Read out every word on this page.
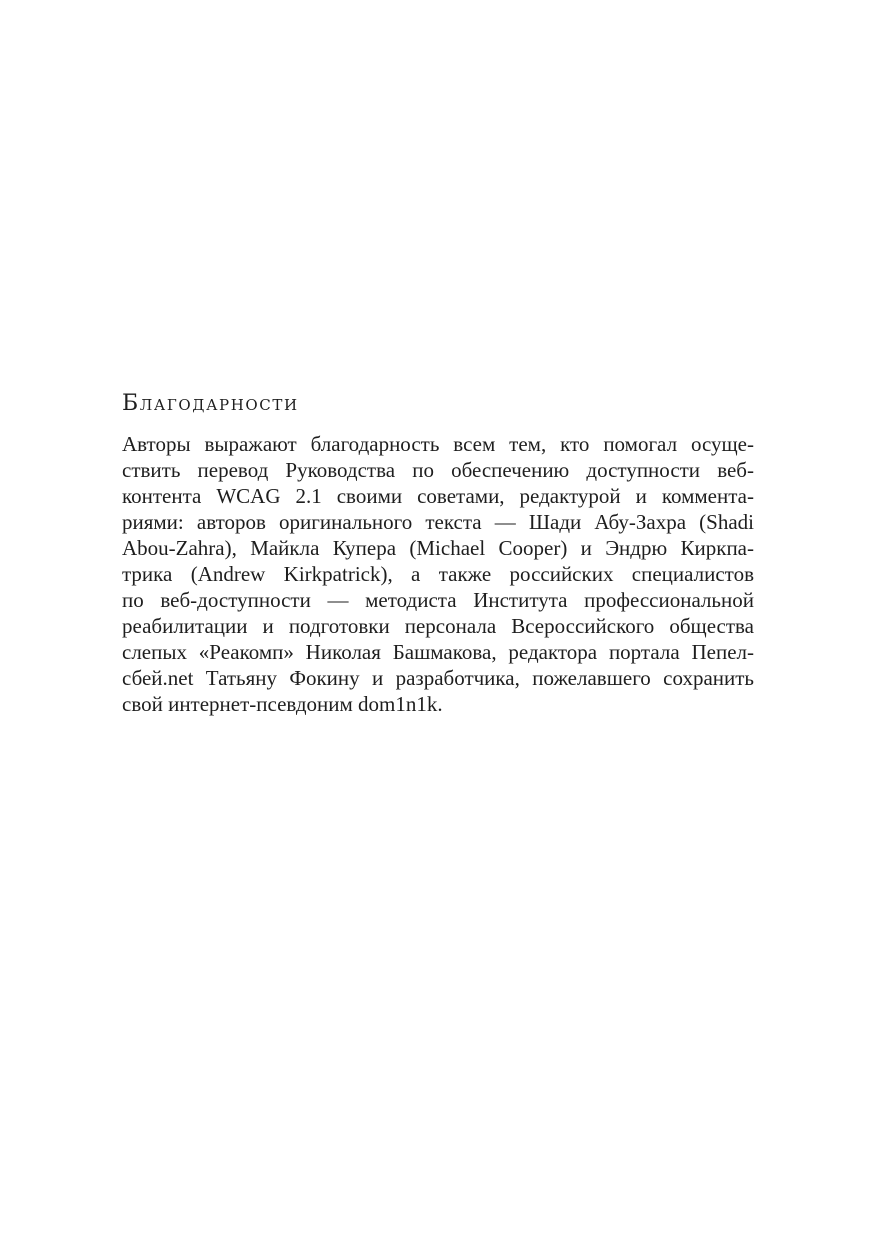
Благодарности
Авторы выражают благодарность всем тем, кто помогал осуще-
ствить перевод Руководства по обеспечению доступности веб-
контента WCAG 2.1 своими советами, редактурой и коммента-
риями: авторов оригинального текста — Шади Абу-Захра (Shadi
Abou-Zahra), Майкла Купера (Michael Cooper) и Эндрю Киркпа-
трика (Andrew Kirkpatrick), а также российских специалистов
по веб-доступности — методиста Института профессиональной
реабилитации и подготовки персонала Всероссийского общества
слепых «Реакомп» Николая Башмакова, редактора портала Пепел-
сбей.net Татьяну Фокину и разработчика, пожелавшего сохранить
свой интернет-псевдоним dom1n1k.
